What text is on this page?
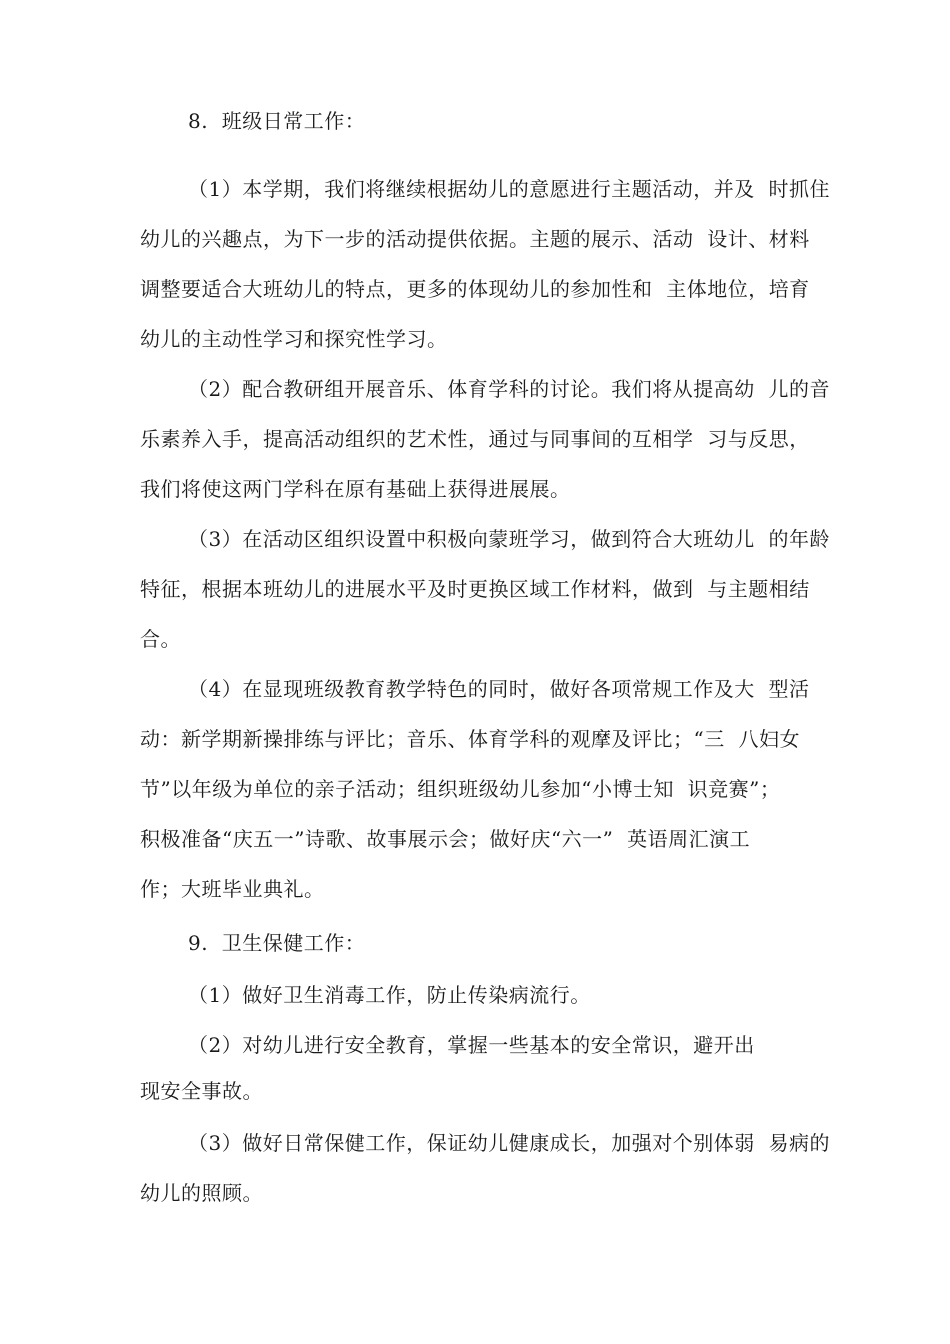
8.  班级日常工作：
（1）本学期，我们将继续根据幼儿的意愿进行主题活动，并及  时抓住
幼儿的兴趣点，为下一步的活动提供依据。主题的展示、活动  设计、材料
调整要适合大班幼儿的特点，更多的体现幼儿的参加性和  主体地位，培育
幼儿的主动性学习和探究性学习。
（2）配合教研组开展音乐、体育学科的讨论。我们将从提高幼  儿的音
乐素养入手，提高活动组织的艺术性，通过与同事间的互相学  习与反思，
我们将使这两门学科在原有基础上获得进展展。
（3）在活动区组织设置中积极向蒙班学习，做到符合大班幼儿  的年龄
特征，根据本班幼儿的进展水平及时更换区域工作材料，做到  与主题相结
合。
（4）在显现班级教育教学特色的同时，做好各项常规工作及大  型活
动：新学期新操排练与评比；音乐、体育学科的观摩及评比；“三  八妇女
节”以年级为单位的亲子活动；组织班级幼儿参加“小博士知  识竞赛”；
积极准备“庆五一”诗歌、故事展示会；做好庆“六一”  英语周汇演工
作；大班毕业典礼。
9.  卫生保健工作：
（1）做好卫生消毒工作，防止传染病流行。
（2）对幼儿进行安全教育，掌握一些基本的安全常识，避开出
现安全事故。
（3）做好日常保健工作，保证幼儿健康成长，加强对个别体弱  易病的
幼儿的照顾。
